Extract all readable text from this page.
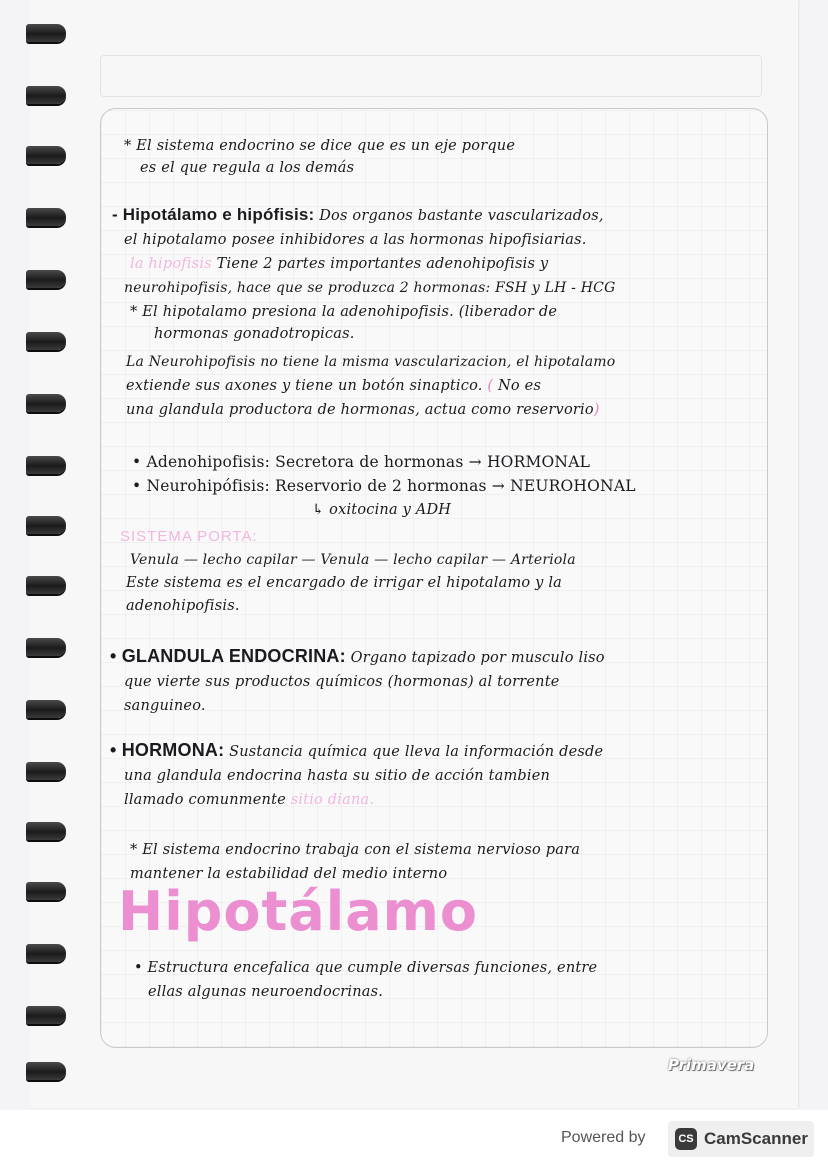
* El sistema endocrino se dice que es un eje porque

es el que regula a los demás

- Hipotálamo e hipófisis: Dos organos bastante vascularizados,

el hipotalamo posee inhibidores a las hormonas hipofisiarias.

la hipofisis Tiene 2 partes importantes adenohipofisis y

neurohipofisis, hace que se produzca 2 hormonas: FSH y LH - HCG

* El hipotalamo presiona la adenohipofisis. (liberador de

hormonas gonadotropicas.

La Neurohipofisis no tiene la misma vascularizacion, el hipotalamo

extiende sus axones y tiene un botón sinaptico. ( No es

una glandula productora de hormonas, actua como reservorio)

• Adenohipofisis: Secretora de hormonas → HORMONAL

• Neurohipófisis: Reservorio de 2 hormonas → NEUROHONAL

↳ oxitocina y ADH

SISTEMA PORTA:

Venula — lecho capilar — Venula — lecho capilar — Arteriola

Este sistema es el encargado de irrigar el hipotalamo y la

adenohipofisis.

• GLANDULA ENDOCRINA: Organo tapizado por musculo liso

que vierte sus productos químicos (hormonas) al torrente

sanguineo.

• HORMONA: Sustancia química que lleva la información desde

una glandula endocrina hasta su sitio de acción tambien

llamado comunmente sitio diana.

* El sistema endocrino trabaja con el sistema nervioso para

mantener la estabilidad del medio interno

Hipotálamo

• Estructura encefalica que cumple diversas funciones, entre

ellas algunas neuroendocrinas.

Primavera

Powered by	CS CamScanner
